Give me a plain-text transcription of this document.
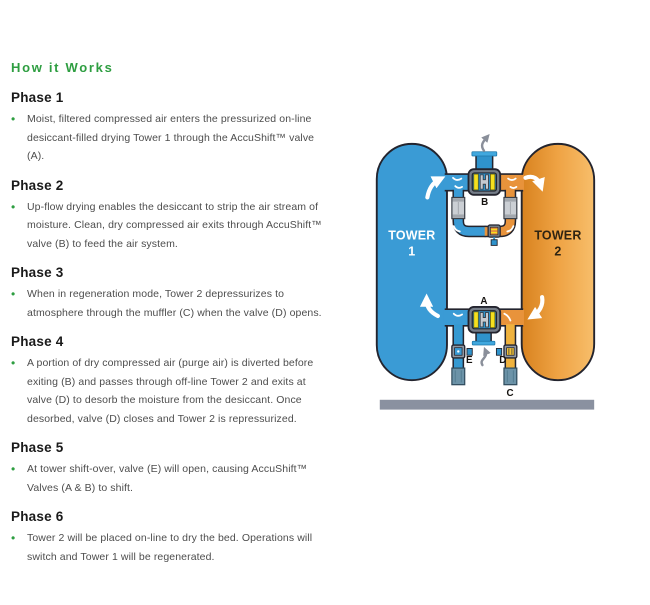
How it Works
Phase 1
•	Moist, filtered compressed air enters the pressurized on-line desiccant-filled drying Tower 1 through the AccuShift™ valve (A).
Phase 2
•	Up-flow drying enables the desiccant to strip the air stream of moisture. Clean, dry compressed air exits through AccuShift™ valve (B) to feed the air system.
Phase 3
•	When in regeneration mode, Tower 2 depressurizes to atmosphere through the muffler (C) when the valve (D) opens.
Phase 4
•	A portion of dry compressed air (purge air) is diverted before exiting (B) and passes through off-line Tower 2 and exits at valve (D) to desorb the moisture from the desiccant. Once desorbed, valve (D) closes and Tower 2 is repressurized.
Phase 5
•	At tower shift-over, valve (E) will open, causing AccuShift™ Valves (A & B) to shift.
Phase 6
•	Tower 2 will be placed on-line to dry the bed. Operations will switch and Tower 1 will be regenerated.
B
A
E D
C
TOWER
1
TOWER
2
